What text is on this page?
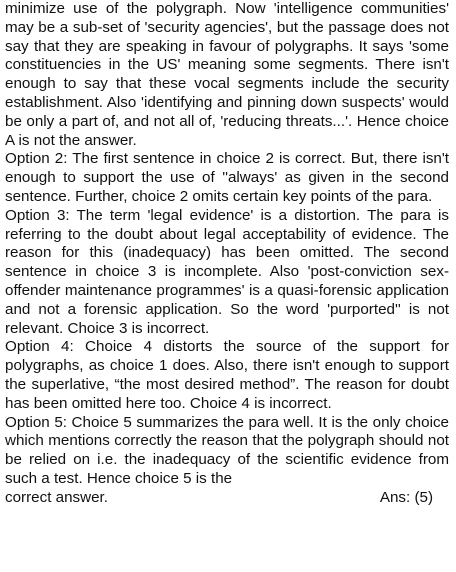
minimize use of the polygraph. Now 'intelligence communities' may be a sub-set of 'security agencies', but the passage does not say that they are speaking in favour of polygraphs. It says 'some constituencies in the US' meaning some segments. There isn't enough to say that these vocal segments include the security establishment. Also 'identifying and pinning down suspects' would be only a part of, and not all of, 'reducing threats...'. Hence choice A is not the answer.

Option 2: The first sentence in choice 2 is correct. But, there isn't enough to support the use of ''always' as given in the second sentence. Further, choice 2 omits certain key points of the para.

Option 3: The term 'legal evidence' is a distortion. The para is referring to the doubt about legal acceptability of evidence. The reason for this (inadequacy) has been omitted. The second sentence in choice 3 is incomplete. Also 'post-conviction sex-offender maintenance programmes' is a quasi-forensic application and not a forensic application. So the word 'purported'' is not relevant. Choice 3 is incorrect.

Option 4: Choice 4 distorts the source of the support for polygraphs, as choice 1 does. Also, there isn't enough to support the superlative, “the most desired method”. The reason for doubt has been omitted here too. Choice 4 is incorrect.

Option 5: Choice 5 summarizes the para well. It is the only choice which mentions correctly the reason that the polygraph should not be relied on i.e. the inadequacy of the scientific evidence from such a test. Hence choice 5 is the

correct answer.	Ans: (5)
